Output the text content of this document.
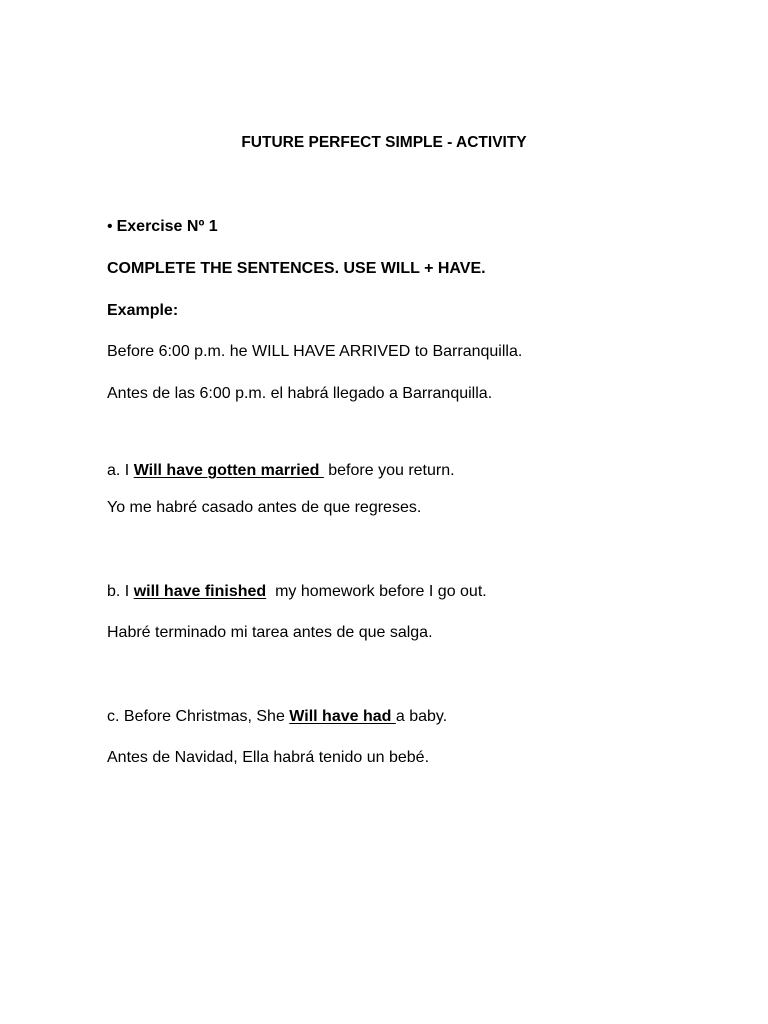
FUTURE PERFECT SIMPLE - ACTIVITY
• Exercise Nº 1
COMPLETE THE SENTENCES. USE WILL + HAVE.
Example:
Before 6:00 p.m. he WILL HAVE ARRIVED to Barranquilla.
Antes de las 6:00 p.m. el habrá llegado a Barranquilla.
a. I Will have gotten married  before you return.
Yo me habré casado antes de que regreses.
b. I will have finished  my homework before I go out.
Habré terminado mi tarea antes de que salga.
c. Before Christmas, She Will have had a baby.
Antes de Navidad, Ella habrá tenido un bebé.
